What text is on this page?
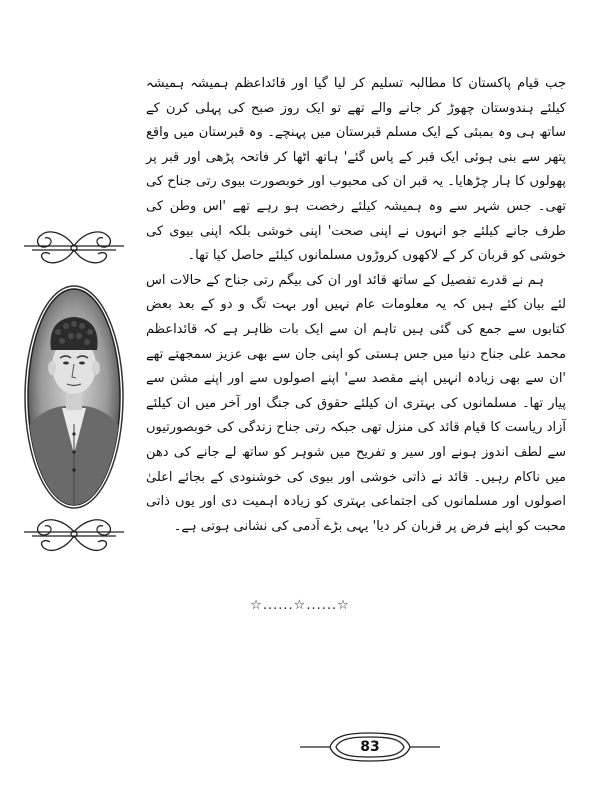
جب قیام پاکستان کا مطالبہ تسلیم کر لیا گیا اور قائداعظم ہمیشہ ہمیشہ کیلئے ہندوستان چھوڑ کر جانے والے تھے تو ایک روز صبح کی پہلی کرن کے ساتھ ہی وہ بمبئی کے ایک مسلم قبرستان میں پہنچے۔ وہ قبرستان میں واقع پتھر سے بنی ہوئی ایک قبر کے پاس گئے' ہاتھ اٹھا کر فاتحہ پڑھی اور قبر پر پھولوں کا ہار چڑھایا۔ یہ قبر ان کی محبوب اور خوبصورت بیوی رتی جناح کی تھی۔ جس شہر سے وہ ہمیشہ کیلئے رخصت ہو رہے تھے 'اس وطن کی طرف جانے کیلئے جو انہوں نے اپنی صحت' اپنی خوشی بلکہ اپنی بیوی کی خوشی کو قربان کر کے لاکھوں کروڑوں مسلمانوں کیلئے حاصل کیا تھا۔

ہم نے قدرے تفصیل کے ساتھ قائد اور ان کی بیگم رتی جناح کے حالات اس لئے بیان کئے ہیں کہ یہ معلومات عام نہیں اور بہت تگ و دو کے بعد بعض کتابوں سے جمع کی گئی ہیں تاہم ان سے ایک بات ظاہر ہے کہ قائداعظم محمد علی جناح دنیا میں جس ہستی کو اپنی جان سے بھی عزیز سمجھتے تھے 'ان سے بھی زیادہ انہیں اپنے مقصد سے' اپنے اصولوں سے اور اپنے مشن سے پیار تھا۔ مسلمانوں کی بہتری ان کیلئے حقوق کی جنگ اور آخر میں ان کیلئے آزاد ریاست کا قیام قائد کی منزل تھی جبکہ رتی جناح زندگی کی خوبصورتیوں سے لطف اندوز ہونے اور سیر و تفریح میں شوہر کو ساتھ لے جانے کی دھن میں ناکام رہیں۔ قائد نے ذاتی خوشی اور بیوی کی خوشنودی کے بجائے اعلیٰ اصولوں اور مسلمانوں کی اجتماعی بہتری کو زیادہ اہمیت دی اور یوں ذاتی محبت کو اپنے فرض پر قربان کر دیا' یہی بڑے آدمی کی نشانی ہوتی ہے۔

☆......☆......☆
83
